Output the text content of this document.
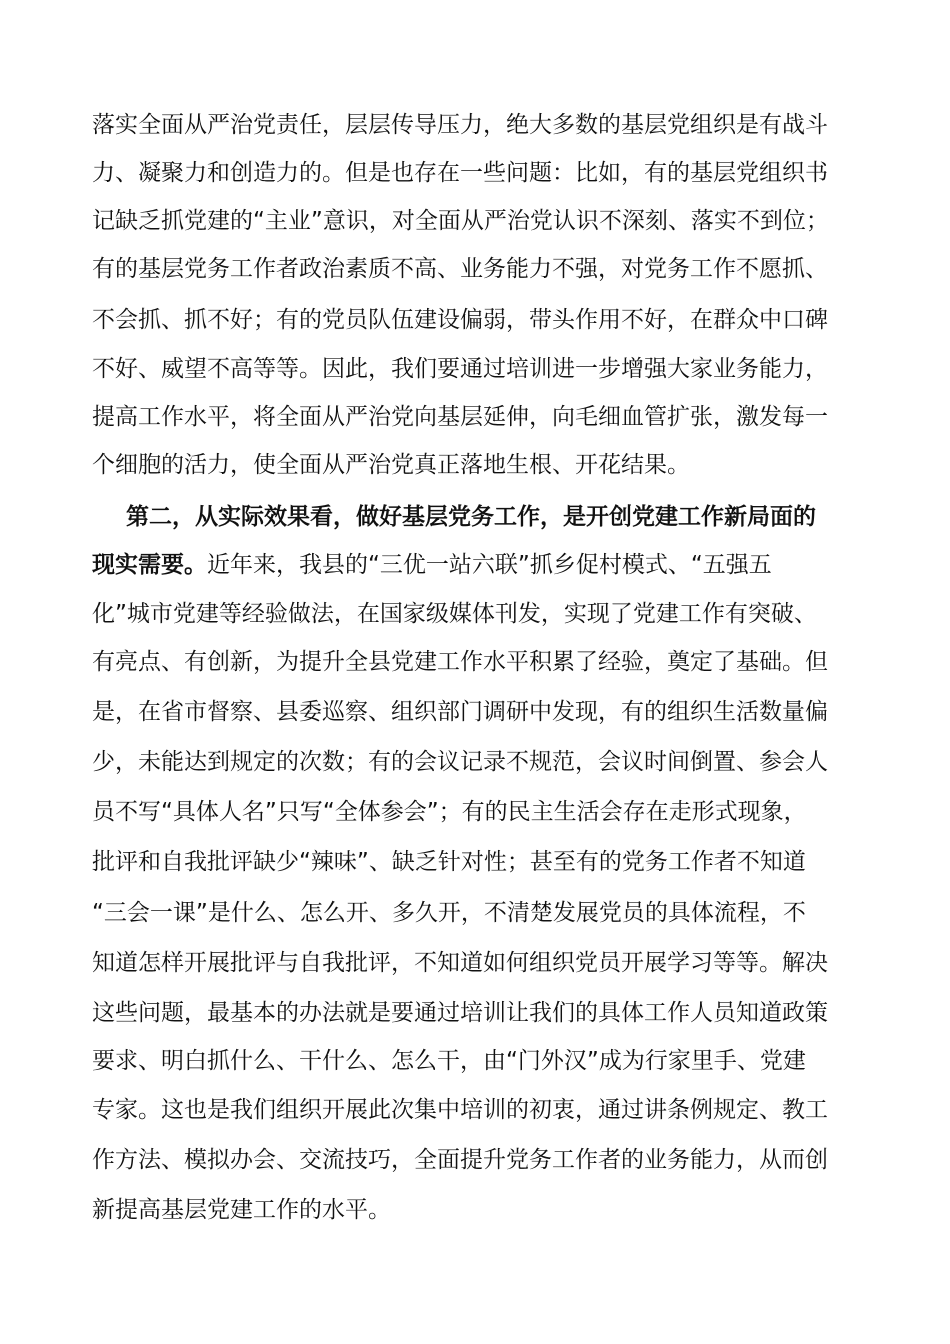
落实全面从严治党责任，层层传导压力，绝大多数的基层党组织是有战斗
力、凝聚力和创造力的。但是也存在一些问题：比如，有的基层党组织书
记缺乏抓党建的“主业”意识，对全面从严治党认识不深刻、落实不到位；
有的基层党务工作者政治素质不高、业务能力不强，对党务工作不愿抓、
不会抓、抓不好；有的党员队伍建设偏弱，带头作用不好，在群众中口碑
不好、威望不高等等。因此，我们要通过培训进一步增强大家业务能力，
提高工作水平，将全面从严治党向基层延伸，向毛细血管扩张，激发每一
个细胞的活力，使全面从严治党真正落地生根、开花结果。
第二，从实际效果看，做好基层党务工作，是开创党建工作新局面的
现实需要。近年来，我县的“三优一站六联”抓乡促村模式、“五强五
化”城市党建等经验做法，在国家级媒体刊发，实现了党建工作有突破、
有亮点、有创新，为提升全县党建工作水平积累了经验，奠定了基础。但
是，在省市督察、县委巡察、组织部门调研中发现，有的组织生活数量偏
少，未能达到规定的次数；有的会议记录不规范，会议时间倒置、参会人
员不写“具体人名”只写“全体参会”；有的民主生活会存在走形式现象，
批评和自我批评缺少“辣味”、缺乏针对性；甚至有的党务工作者不知道
“三会一课”是什么、怎么开、多久开，不清楚发展党员的具体流程，不
知道怎样开展批评与自我批评，不知道如何组织党员开展学习等等。解决
这些问题，最基本的办法就是要通过培训让我们的具体工作人员知道政策
要求、明白抓什么、干什么、怎么干，由“门外汉”成为行家里手、党建
专家。这也是我们组织开展此次集中培训的初衷，通过讲条例规定、教工
作方法、模拟办会、交流技巧，全面提升党务工作者的业务能力，从而创
新提高基层党建工作的水平。
